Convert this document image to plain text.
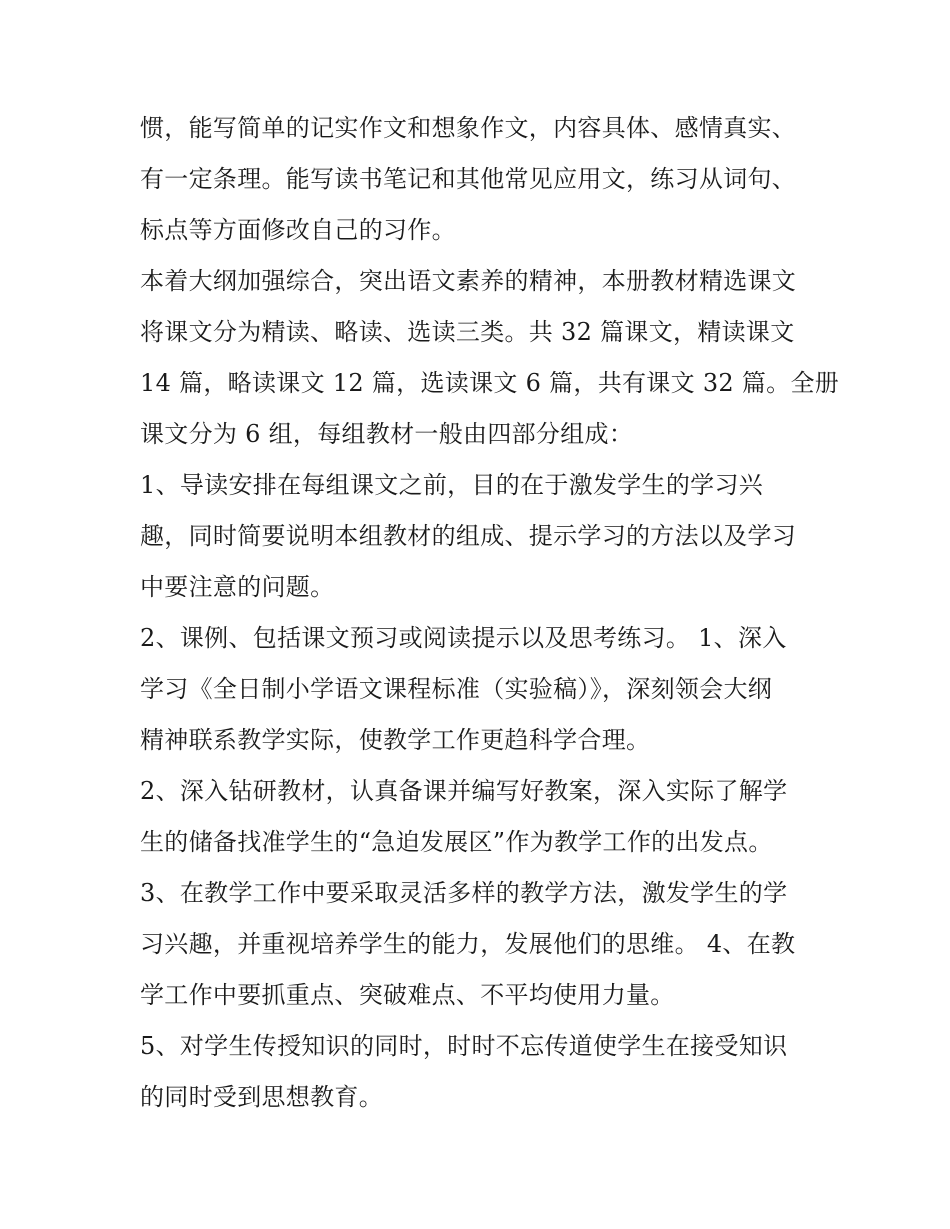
惯，能写简单的记实作文和想象作文，内容具体、感情真实、
有一定条理。能写读书笔记和其他常见应用文，练习从词句、
标点等方面修改自己的习作。
本着大纲加强综合，突出语文素养的精神，本册教材精选课文
将课文分为精读、略读、选读三类。共 32 篇课文，精读课文
14 篇，略读课文 12 篇，选读课文 6 篇，共有课文 32 篇。全册
课文分为 6 组，每组教材一般由四部分组成：
1、导读安排在每组课文之前，目的在于激发学生的学习兴
趣，同时简要说明本组教材的组成、提示学习的方法以及学习
中要注意的问题。
2、课例、包括课文预习或阅读提示以及思考练习。 1、深入
学习《全日制小学语文课程标准（实验稿）》，深刻领会大纲
精神联系教学实际，使教学工作更趋科学合理。
2、深入钻研教材，认真备课并编写好教案，深入实际了解学
生的储备找准学生的“急迫发展区”作为教学工作的出发点。
3、在教学工作中要采取灵活多样的教学方法，激发学生的学
习兴趣，并重视培养学生的能力，发展他们的思维。 4、在教
学工作中要抓重点、突破难点、不平均使用力量。
5、对学生传授知识的同时，时时不忘传道使学生在接受知识
的同时受到思想教育。
